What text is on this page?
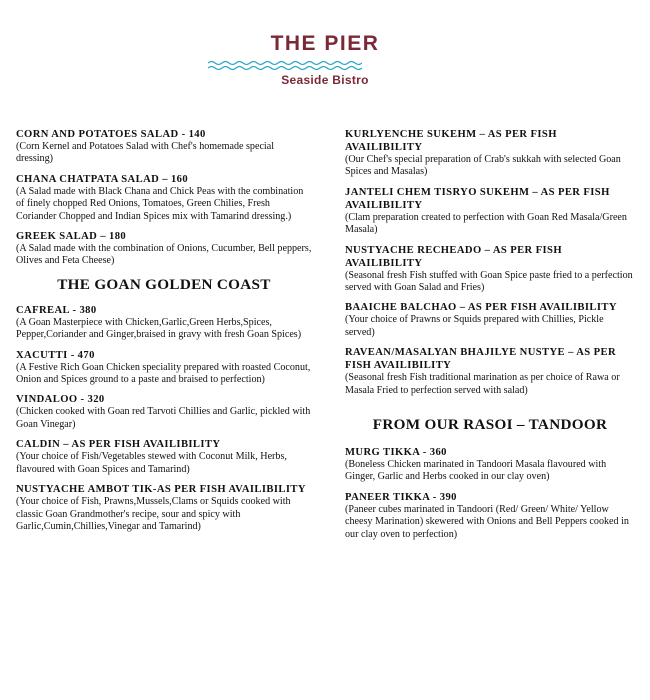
THE PIER
Seaside Bistro
CORN AND POTATOES SALAD - 140
(Corn Kernel and Potatoes Salad with Chef's homemade special dressing)
CHANA CHATPATA SALAD – 160
(A Salad made with Black Chana and Chick Peas with the combination of finely chopped Red Onions, Tomatoes, Green Chilies, Fresh Coriander Chopped and Indian Spices mix with Tamarind dressing.)
GREEK SALAD – 180
(A Salad made with the combination of Onions, Cucumber, Bell peppers, Olives and Feta Cheese)
THE GOAN GOLDEN COAST
CAFREAL - 380
(A Goan Masterpiece with Chicken,Garlic,Green Herbs,Spices, Pepper,Coriander and Ginger,braised in gravy with fresh Goan Spices)
XACUTTI - 470
(A Festive Rich Goan Chicken speciality prepared with roasted Coconut, Onion and Spices ground to a paste and braised to perfection)
VINDALOO - 320
(Chicken cooked with Goan red Tarvoti Chillies and Garlic, pickled with Goan Vinegar)
CALDIN – AS PER FISH AVAILIBILITY
(Your choice of Fish/Vegetables stewed with Coconut Milk, Herbs, flavoured with Goan Spices and Tamarind)
NUSTYACHE AMBOT TIK-AS PER FISH AVAILIBILITY
(Your choice of Fish, Prawns,Mussels,Clams or Squids cooked with classic Goan Grandmother's recipe, sour and spicy with Garlic,Cumin,Chillies,Vinegar and Tamarind)
KURLYENCHE SUKEHM – AS PER FISH AVAILIBILITY
(Our Chef's special preparation of Crab's sukkah with selected Goan Spices and Masalas)
JANTELI CHEM TISRYO SUKEHM – AS PER FISH AVAILIBILITY
(Clam preparation created to perfection with Goan Red Masala/Green Masala)
NUSTYACHE RECHEADO – AS PER FISH AVAILIBILITY
(Seasonal fresh Fish stuffed with Goan Spice paste fried to a perfection served with Goan Salad and Fries)
BAAICHE BALCHAO – AS PER FISH AVAILIBILITY
(Your choice of Prawns or Squids prepared with Chillies, Pickle served)
RAVEAN/MASALYAN BHAJILYE NUSTYE – AS PER FISH AVAILIBILITY
(Seasonal fresh Fish traditional marination as per choice of Rawa or Masala Fried to perfection served with salad)
FROM OUR RASOI – TANDOOR
MURG TIKKA - 360
(Boneless Chicken marinated in Tandoori Masala flavoured with Ginger, Garlic and Herbs cooked in our clay oven)
PANEER TIKKA - 390
(Paneer cubes marinated in Tandoori (Red/ Green/ White/ Yellow cheesy Marination) skewered with Onions and Bell Peppers cooked in our clay oven to perfection)
